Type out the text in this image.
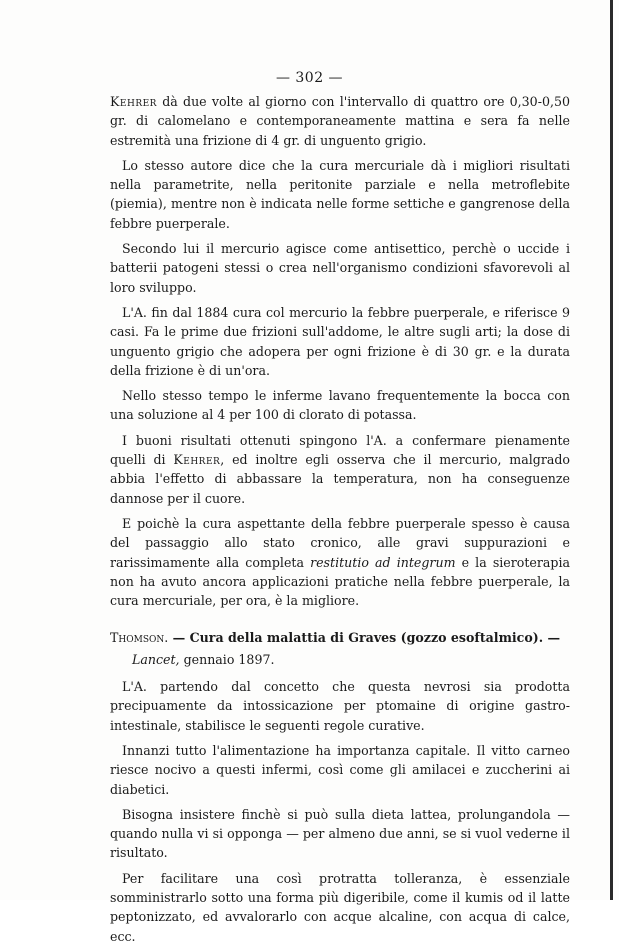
— 302 —

Kehrer dà due volte al giorno con l'intervallo di quattro ore 0,30-0,50 gr. di calomelano e contemporaneamente mattina e sera fa nelle estremità una frizione di 4 gr. di unguento grigio.

Lo stesso autore dice che la cura mercuriale dà i migliori risultati nella parametrite, nella peritonite parziale e nella metroflebite (piemia), mentre non è indicata nelle forme settiche e gangrenose della febbre puerperale.

Secondo lui il mercurio agisce come antisettico, perchè o uccide i batterii patogeni stessi o crea nell'organismo condizioni sfavorevoli al loro sviluppo.

L'A. fin dal 1884 cura col mercurio la febbre puerperale, e riferisce 9 casi. Fa le prime due frizioni sull'addome, le altre sugli arti; la dose di unguento grigio che adopera per ogni frizione è di 30 gr. e la durata della frizione è di un'ora.

Nello stesso tempo le inferme lavano frequentemente la bocca con una soluzione al 4 per 100 di clorato di potassa.

I buoni risultati ottenuti spingono l'A. a confermare pienamente quelli di Kehrer, ed inoltre egli osserva che il mercurio, malgrado abbia l'effetto di abbassare la temperatura, non ha conseguenze dannose per il cuore.

E poichè la cura aspettante della febbre puerperale spesso è causa del passaggio allo stato cronico, alle gravi suppurazioni e rarissimamente alla completa restitutio ad integrum e la sieroterapia non ha avuto ancora applicazioni pratiche nella febbre puerperale, la cura mercuriale, per ora, è la migliore.

Thomson. — Cura della malattia di Graves (gozzo esoftalmico). —

Lancet, gennaio 1897.

L'A. partendo dal concetto che questa nevrosi sia prodotta precipuamente da intossicazione per ptomaine di origine gastro-intestinale, stabilisce le seguenti regole curative.

Innanzi tutto l'alimentazione ha importanza capitale. Il vitto carneo riesce nocivo a questi infermi, così come gli amilacei e zuccherini ai diabetici.

Bisogna insistere finchè si può sulla dieta lattea, prolungandola — quando nulla vi si opponga — per almeno due anni, se si vuol vederne il risultato.

Per facilitare una così protratta tolleranza, è essenziale somministrarlo sotto una forma più digeribile, come il kumis od il latte peptonizzato, ed avvalorarlo con acque alcaline, con acqua di calce, ecc.
